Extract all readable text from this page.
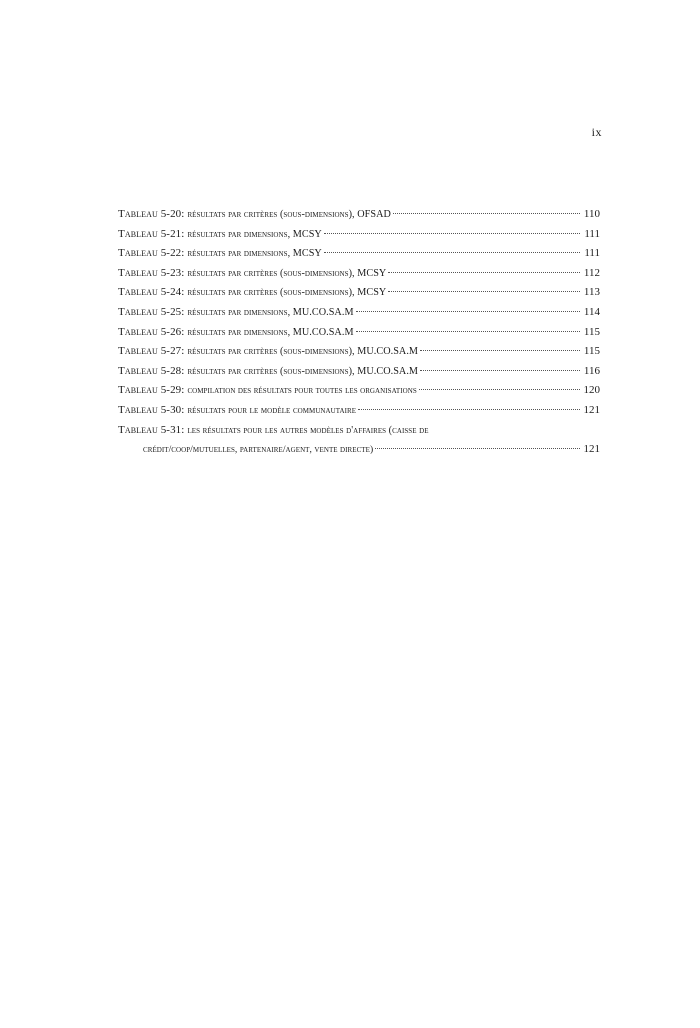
ix
Tableau 5-20: résultats par critères (sous-dimensions), OFSAD	110
Tableau 5-21: résultats par dimensions, MCSY	111
Tableau 5-22: résultats par dimensions, MCSY	111
Tableau 5-23: résultats par critères (sous-dimensions), MCSY	112
Tableau 5-24: résultats par critères (sous-dimensions), MCSY	113
Tableau 5-25: résultats par dimensions, MU.CO.SA.M	114
Tableau 5-26: résultats par dimensions, MU.CO.SA.M	115
Tableau 5-27: résultats par critères (sous-dimensions), MU.CO.SA.M	115
Tableau 5-28: résultats par critères (sous-dimensions), MU.CO.SA.M	116
Tableau 5-29: compilation des résultats pour toutes les organisations	120
Tableau 5-30: résultats pour le modèle communautaire	121
Tableau 5-31: les résultats pour les autres modèles d'affaires (caisse de
crédit/coop/mutuelles, partenaire/agent, vente directe)	121
